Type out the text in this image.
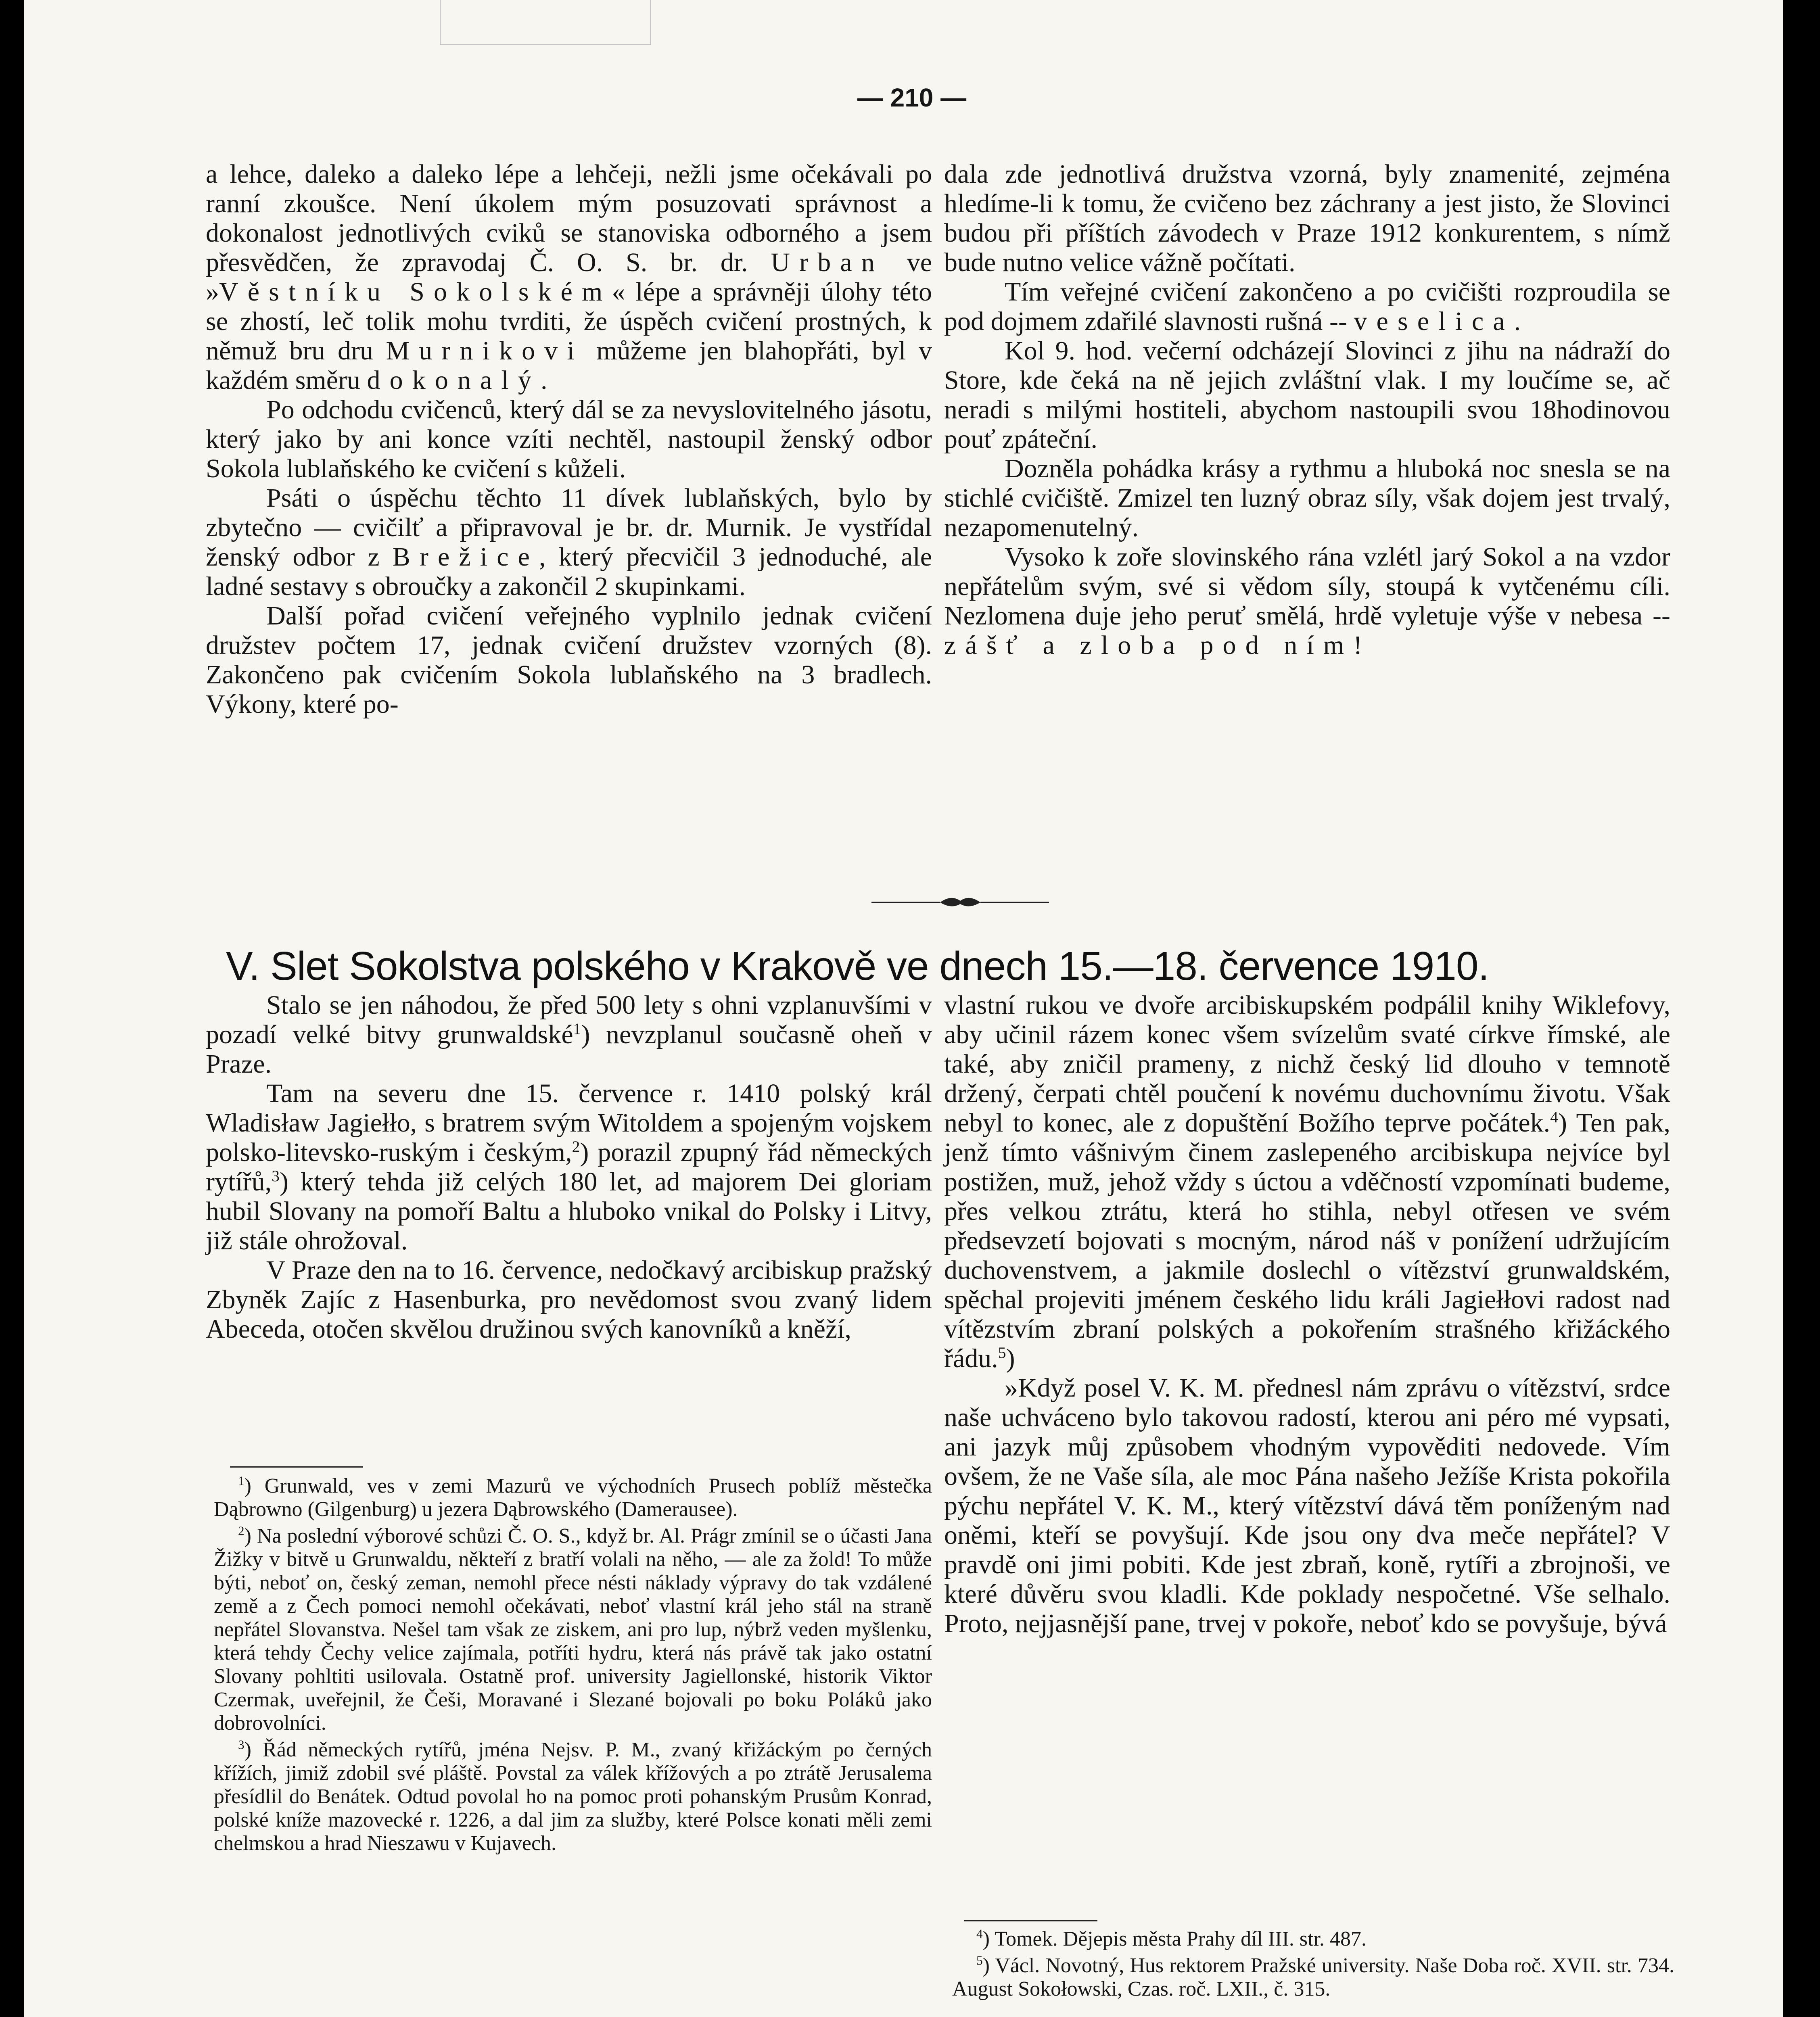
— 210 —

a lehce, daleko a daleko lépe a lehčeji, nežli jsme očekávali po ranní zkoušce. Není úkolem mým posuzovati správnost a dokonalost jednotlivých cviků se stanoviska odborného a jsem přesvědčen, že zpravodaj Č. O. S. br. dr. Urban ve »Věstníku Sokolském« lépe a správněji úlohy této se zhostí, leč tolik mohu tvrditi, že úspěch cvičení prostných, k němuž bru dru Murnikovi můžeme jen blahopřáti, byl v každém směru dokonalý.

Po odchodu cvičenců, který dál se za nevyslovitelného jásotu, který jako by ani konce vzíti nechtěl, nastoupil ženský odbor Sokola lublaňského ke cvičení s kůželi.

Psáti o úspěchu těchto 11 dívek lublaňských, bylo by zbytečno — cvičilť a připravoval je br. dr. Murnik. Je vystřídal ženský odbor z Brežice, který přecvičil 3 jednoduché, ale ladné sestavy s obroučky a zakončil 2 skupinkami.

Další pořad cvičení veřejného vyplnilo jednak cvičení družstev počtem 17, jednak cvičení družstev vzorných (8). Zakončeno pak cvičením Sokola lublaňského na 3 bradlech. Výkony, které po-

dala zde jednotlivá družstva vzorná, byly znamenité, zejména hledíme-li k tomu, že cvičeno bez záchrany a jest jisto, že Slovinci budou při příštích závodech v Praze 1912 konkurentem, s nímž bude nutno velice vážně počítati.

Tím veřejné cvičení zakončeno a po cvičišti rozproudila se pod dojmem zdařilé slavnosti rušná -- veselica.

Kol 9. hod. večerní odcházejí Slovinci z jihu na nádraží do Store, kde čeká na ně jejich zvláštní vlak. I my loučíme se, ač neradi s milými hostiteli, abychom nastoupili svou 18hodinovou pouť zpáteční.

Dozněla pohádka krásy a rythmu a hluboká noc snesla se na stichlé cvičiště. Zmizel ten luzný obraz síly, však dojem jest trvalý, nezapomenutelný.

Vysoko k zoře slovinského rána vzlétl jarý Sokol a na vzdor nepřátelům svým, své si vědom síly, stoupá k vytčenému cíli. Nezlomena dujе jeho peruť smělá, hrdě vyletuje výše v nebesa -- zášť a zloba pod ním!

V. Slet Sokolstva polského v Krakově ve dnech 15.—18. července 1910.

Stalo se jen náhodou, že před 500 lety s ohni vzplanuvšími v pozadí velké bitvy grunwaldské$^1$) nevzplanul současně oheň v Praze.

Tam na severu dne 15. července r. 1410 polský král Wladisław Jagiełło, s bratrem svým Witoldem a spojeným vojskem polsko-litevsko-ruským i českým,$^2$) porazil zpupný řád německých rytířů,$^3$) který tehda již celých 180 let, ad majorem Dei gloriam hubil Slovany na pomoří Baltu a hluboko vnikal do Polsky i Litvy, již stále ohrožoval.

V Praze den na to 16. července, nedočkavý arcibiskup pražský Zbyněk Zajíc z Hasenburka, pro nevědomost svou zvaný lidem Abeceda, otočen skvělou družinou svých kanovníků a kněží,

vlastní rukou ve dvoře arcibiskupském podpálil knihy Wiklefovy, aby učinil rázem konec všem svízelům svaté církve římské, ale také, aby zničil prameny, z nichž český lid dlouho v temnotě držený, čerpati chtěl poučení k novému duchovnímu životu. Však nebyl to konec, ale z dopuštění Božího teprve počátek.$^4$) Ten pak, jenž tímto vášnivým činem zaslepeného arcibiskupa nejvíce byl postižen, muž, jehož vždy s úctou a vděčností vzpomínati budeme, přes velkou ztrátu, která ho stihla, nebyl otřesen ve svém předsevzetí bojovati s mocným, národ náš v ponížení udržujícím duchovenstvem, a jakmile doslechl o vítězství grunwaldském, spěchal projeviti jménem českého lidu králi Jagiełłovi radost nad vítězstvím zbraní polských a pokořením strašného křižáckého řádu.$^5$)

»Když posel V. K. M. přednesl nám zprávu o vítězství, srdce naše uchváceno bylo takovou radostí, kterou ani péro mé vypsati, ani jazyk můj způsobem vhodným vypověditi nedovede. Vím ovšem, že ne Vaše síla, ale moc Pána našeho Ježíše Krista pokořila pýchu nepřátel V. K. M., který vítězství dává těm poníženým nad oněmi, kteří se povyšují. Kde jsou ony dva meče nepřátel? V pravdě oni jimi pobiti. Kde jest zbraň, koně, rytíři a zbrojnoši, ve které důvěru svou kladli. Kde poklady nespočetné. Vše selhalo. Proto, nejjasnější pane, trvej v pokoře, neboť kdo se povyšuje, bývá

$^1$) Grunwald, ves v zemi Mazurů ve východních Prusech poblíž městečka Dąbrowno (Gilgenburg) u jezera Dąbrowského (Damerausee).

$^2$) Na poslední výborové schůzi Č. O. S., když br. Al. Prágr zmínil se o účasti Jana Žižky v bitvě u Grunwaldu, někteří z bratří volali na něho, — ale za žold! To může býti, neboť on, český zeman, nemohl přece nésti náklady výpravy do tak vzdálené země a z Čech pomoci nemohl očekávati, neboť vlastní král jeho stál na straně nepřátel Slovanstva. Nešel tam však ze ziskem, ani pro lup, nýbrž veden myšlenku, která tehdy Čechy velice zajímala, potříti hydru, která nás právě tak jako ostatní Slovany pohltiti usilovala. Ostatně prof. university Jagiellonské, historik Viktor Czermak, uveřejnil, že Češi, Moravané i Slezané bojovali po boku Poláků jako dobrovolníci.

$^3$) Řád německých rytířů, jména Nejsv. P. M., zvaný křižáckým po černých křížích, jimiž zdobil své pláště. Povstal za válek křížových a po ztrátě Jerusalema přesídlil do Benátek. Odtud povolal ho na pomoc proti pohanským Prusům Konrad, polské kníže mazovecké r. 1226, a dal jim za služby, které Polsce konati měli zemi chelmskou a hrad Nieszawu v Kujavech.

$^4$) Tomek. Dějepis města Prahy díl III. str. 487.

$^5$) Václ. Novotný, Hus rektorem Pražské university. Naše Doba roč. XVII. str. 734. August Sokołowski, Czas. roč. LXII., č. 315.
